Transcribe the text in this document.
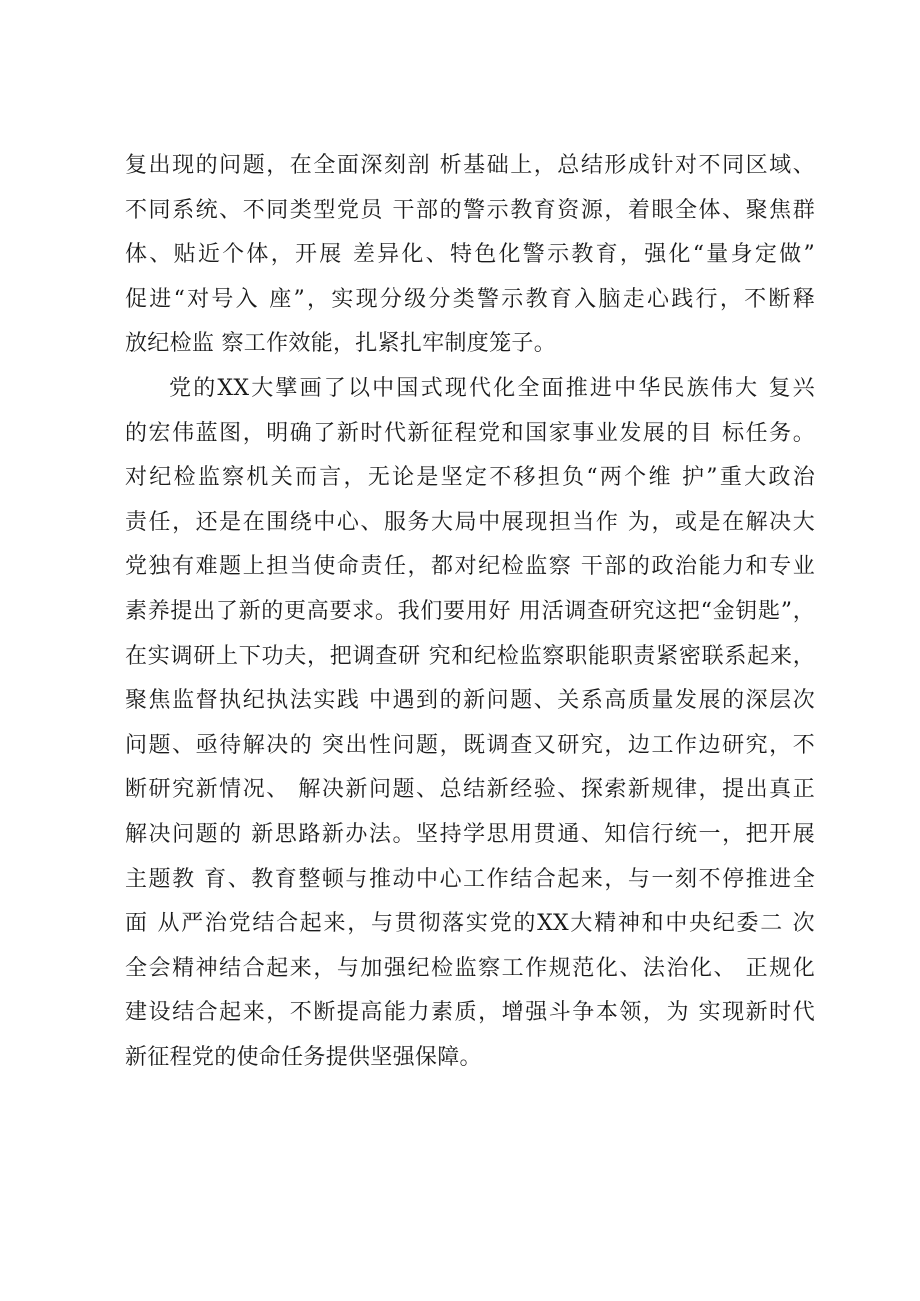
复出现的问题，在全面深刻剖 析基础上，总结形成针对不同区域、
不同系统、不同类型党员 干部的警示教育资源，着眼全体、聚焦群
体、贴近个体，开展 差异化、特色化警示教育，强化“量身定做”
促进“对号入 座”，实现分级分类警示教育入脑走心践行，不断释
放纪检监 察工作效能，扎紧扎牢制度笼子。
党的XX大擘画了以中国式现代化全面推进中华民族伟大 复兴
的宏伟蓝图，明确了新时代新征程党和国家事业发展的目 标任务。
对纪检监察机关而言，无论是坚定不移担负“两个维 护”重大政治
责任，还是在围绕中心、服务大局中展现担当作 为，或是在解决大
党独有难题上担当使命责任，都对纪检监察 干部的政治能力和专业
素养提出了新的更高要求。我们要用好 用活调查研究这把“金钥匙”，
在实调研上下功夫，把调查研 究和纪检监察职能职责紧密联系起来，
聚焦监督执纪执法实践 中遇到的新问题、关系高质量发展的深层次
问题、亟待解决的 突出性问题，既调查又研究，边工作边研究，不
断研究新情况、 解决新问题、总结新经验、探索新规律，提出真正
解决问题的 新思路新办法。坚持学思用贯通、知信行统一，把开展
主题教 育、教育整顿与推动中心工作结合起来，与一刻不停推进全
面 从严治党结合起来，与贯彻落实党的XX大精神和中央纪委二 次
全会精神结合起来，与加强纪检监察工作规范化、法治化、 正规化
建设结合起来，不断提高能力素质，增强斗争本领，为 实现新时代
新征程党的使命任务提供坚强保障。
